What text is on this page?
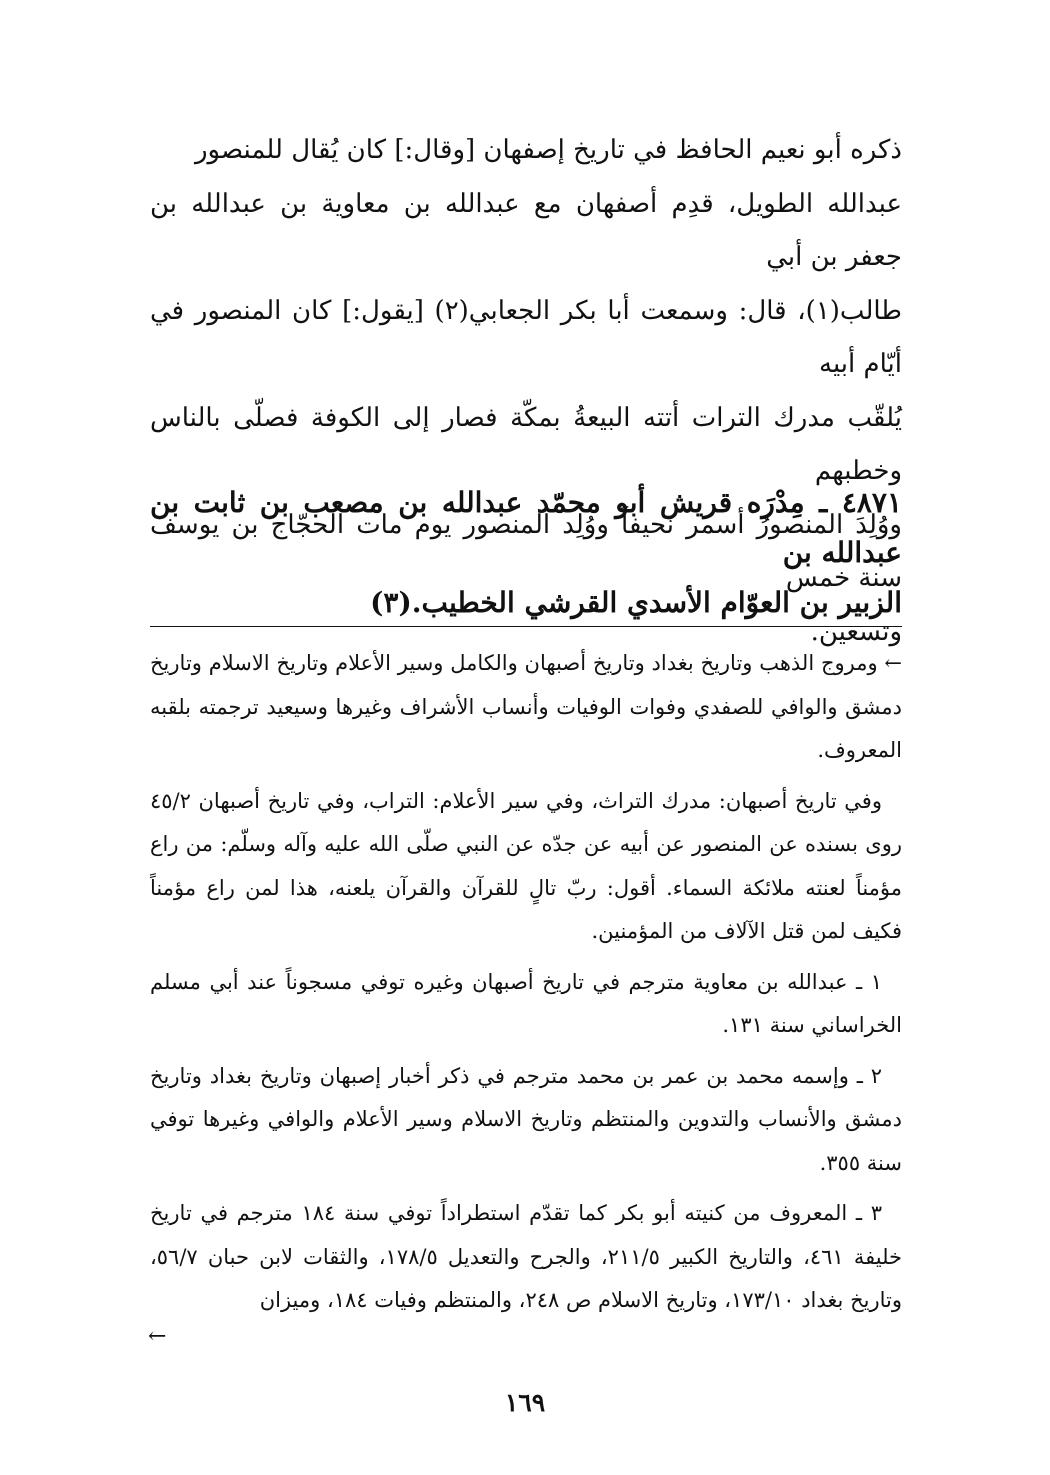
ذكره أبو نعيم الحافظ في تاريخ إصفهان [وقال:] كان يُقال للمنصور

عبدالله الطويل، قدِم أصفهان مع عبدالله بن معاوية بن عبدالله بن جعفر بن أبي

طالب(١)، قال: وسمعت أبا بكر الجعابي(٢) [يقول:] كان المنصور في أيّام أبيه

يُلقّب مدرك الترات أتته البيعةُ بمكّة فصار إلى الكوفة فصلّى بالناس وخطبهم

ووُلِدَ المنصورُ أسمر نحيفاً ووُلِد المنصور يوم مات الحجّاج بن يوسف سنة خمس

وتسعين.

٤٨٧١ ـ مِدْرَه قريش أبو محمّد عبدالله بن مصعب بن ثابت بن عبدالله بن

الزبير بن العوّام الأسدي القرشي الخطيب.(٣)

← ومروج الذهب وتاريخ بغداد وتاريخ أصبهان والكامل وسير الأعلام وتاريخ الاسلام وتاريخ دمشق والوافي للصفدي وفوات الوفيات وأنساب الأشراف وغيرها وسيعيد ترجمته بلقبه المعروف.

وفي تاريخ أصبهان: مدرك التراث، وفي سير الأعلام: التراب، وفي تاريخ أصبهان ٤٥/٢ روى بسنده عن المنصور عن أبيه عن جدّه عن النبي صلّى الله عليه وآله وسلّم: من راع مؤمناً لعنته ملائكة السماء. أقول: ربّ تالٍ للقرآن والقرآن يلعنه، هذا لمن راع مؤمناً فكيف لمن قتل الآلاف من المؤمنين.

١ ـ عبدالله بن معاوية مترجم في تاريخ أصبهان وغيره توفي مسجوناً عند أبي مسلم الخراساني سنة ١٣١.

٢ ـ وإسمه محمد بن عمر بن محمد مترجم في ذكر أخبار إصبهان وتاريخ بغداد وتاريخ دمشق والأنساب والتدوين والمنتظم وتاريخ الاسلام وسير الأعلام والوافي وغيرها توفي سنة ٣٥٥.

٣ ـ المعروف من كنيته أبو بكر كما تقدّم استطراداً توفي سنة ١٨٤ مترجم في تاريخ خليفة ٤٦١، والتاريخ الكبير ٢١١/٥، والجرح والتعديل ١٧٨/٥، والثقات لابن حبان ٥٦/٧، وتاريخ بغداد ١٧٣/١٠، وتاريخ الاسلام ص ٢٤٨، والمنتظم وفيات ١٨٤، وميزان

←
١٦٩
